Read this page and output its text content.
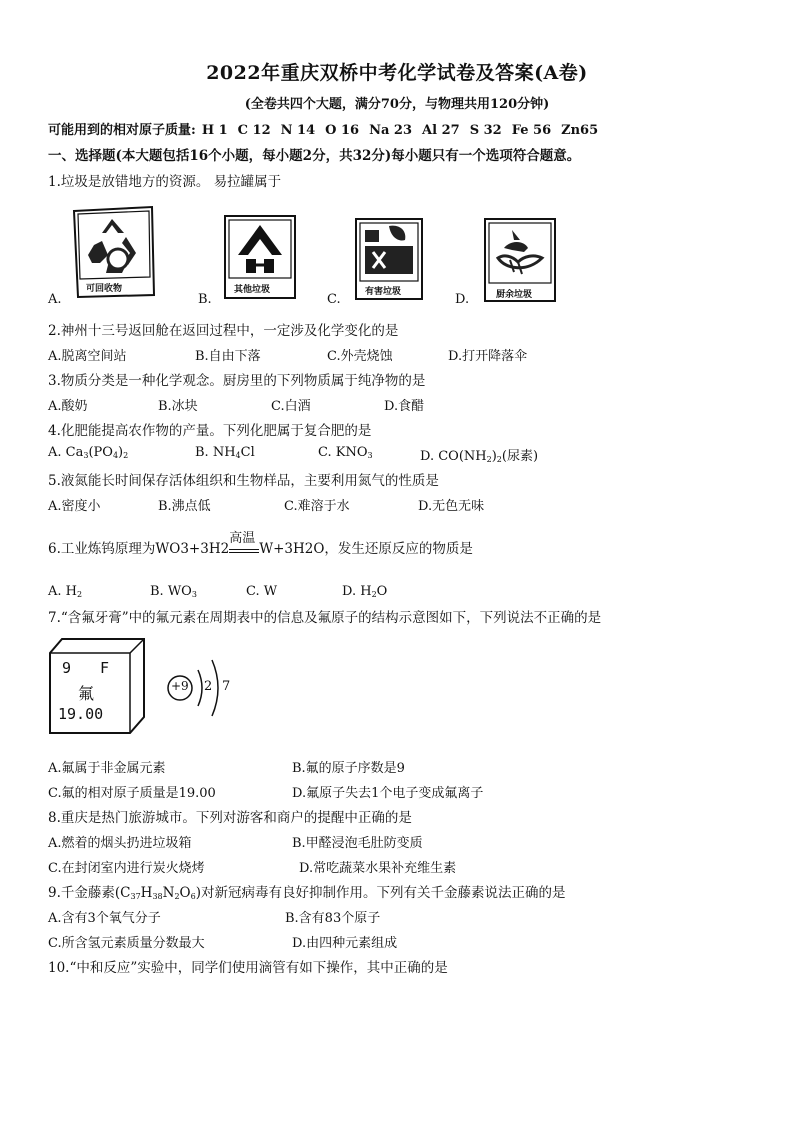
2022年重庆双桥中考化学试卷及答案(A卷)
(全卷共四个大题，满分70分，与物理共用120分钟)
可能用到的相对原子质量: H 1 C 12 N 14 O 16 Na 23 Al 27 S 32 Fe 56 Zn65
一、选择题(本大题包括16个小题，每小题2分，共32分)每小题只有一个选项符合题意。
1.垃圾是放错地方的资源。 易拉罐属于
A.	B.	C.	D.
可回收物	其他垃圾	有害垃圾	厨余垃圾
2.神州十三号返回舱在返回过程中，一定涉及化学变化的是
A.脱离空间站	B.自由下落	C.外壳烧蚀	D.打开降落伞
3.物质分类是一种化学观念。厨房里的下列物质属于纯净物的是
A.酸奶	B.冰块	C.白酒	D.食醋
4.化肥能提高农作物的产量。下列化肥属于复合肥的是
A. $Ca_3(PO_4)_2$	B. $NH_4Cl$	C. $KNO_3$	D. $CO(NH_2)_2$(尿素)
5.液氮能长时间保存活体组织和生物样品，主要利用氮气的性质是
A.密度小	B.沸点低	C.难溶于水	D.无色无味
6.工业炼钨原理为WO3+3H2
高温
W+3H2O，发生还原反应的物质是
A. $H_2$	B. $WO_3$	C. W	D. $H_2O$
7.“含氟牙膏”中的氟元素在周期表中的信息及氟原子的结构示意图如下，下列说法不正确的是
9 F
氟
19.00
+9 2 7
A.氟属于非金属元素	B.氟的原子序数是9
C.氟的相对原子质量是19.00	D.氟原子失去1个电子变成氟离子
8.重庆是热门旅游城市。下列对游客和商户的提醒中正确的是
A.燃着的烟头扔进垃圾箱	B.甲醛浸泡毛肚防变质
C.在封闭室内进行炭火烧烤	D.常吃蔬菜水果补充维生素
9.千金藤素$(C_{37}H_{38}N_2O_6)$对新冠病毒有良好抑制作用。下列有关千金藤素说法正确的是
A.含有3个氧气分子	B.含有83个原子
C.所含氢元素质量分数最大	D.由四种元素组成
10.“中和反应”实验中，同学们使用滴管有如下操作，其中正确的是
